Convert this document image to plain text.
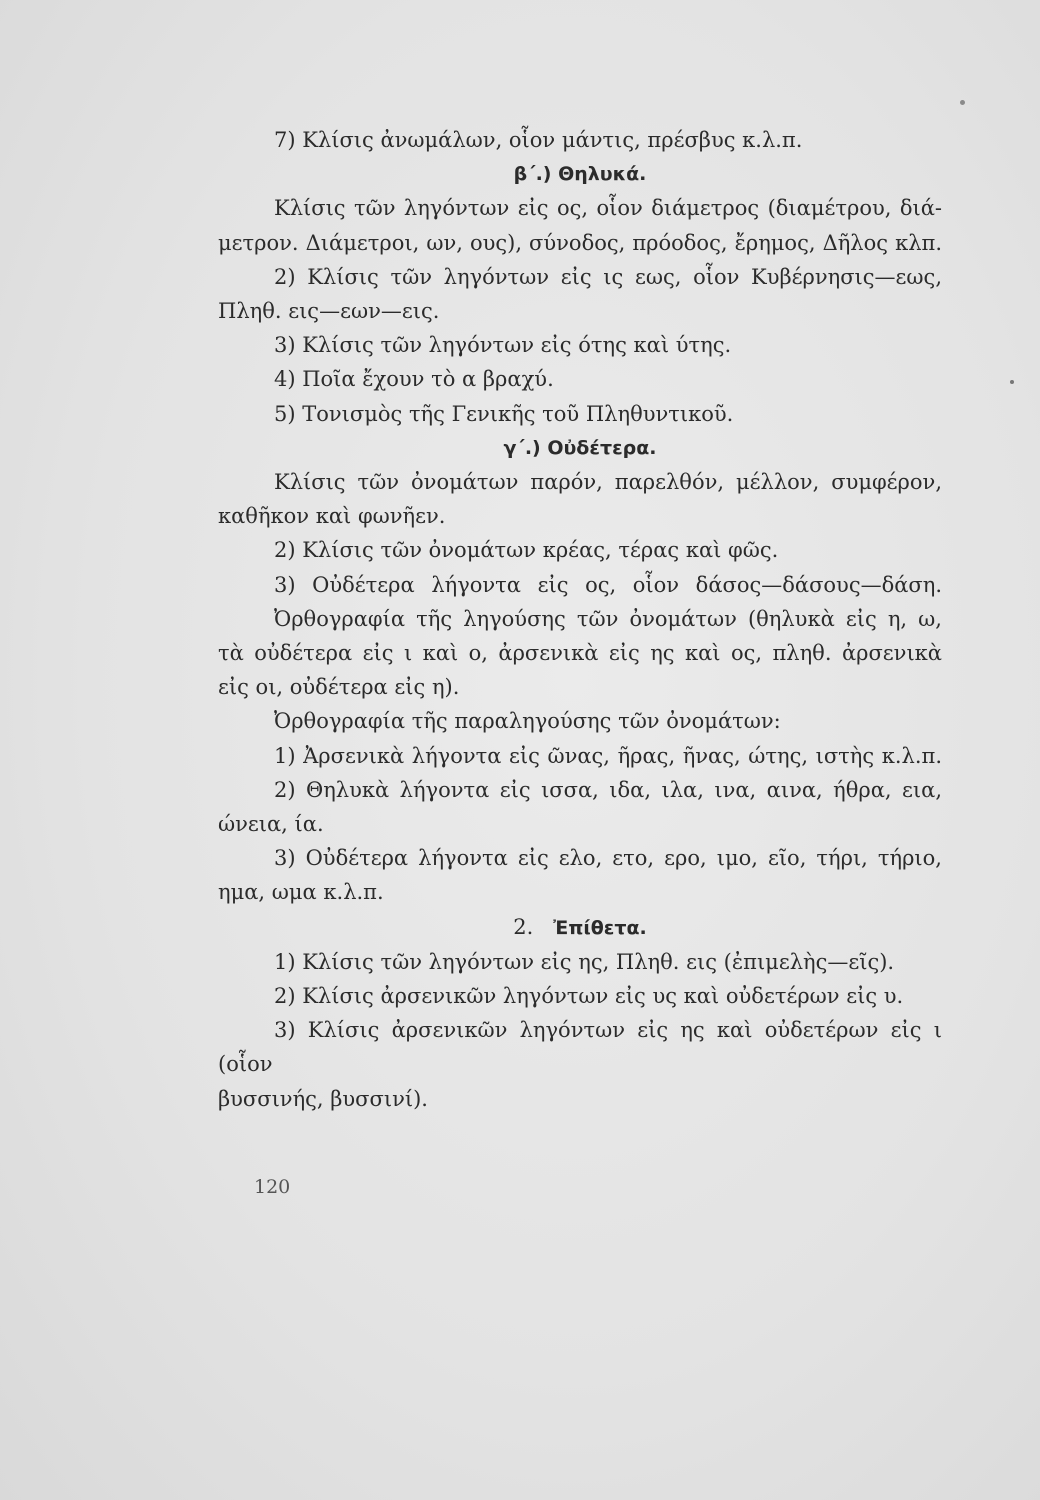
7) Κλίσις ἀνωμάλων, οἷον μάντις, πρέσβυς κ.λ.π.

β΄.) Θηλυκά.

Κλίσις τῶν ληγόντων εἰς ος, οἷον διάμετρος (διαμέτρου, διά-

μετρον. Διάμετροι, ων, ους), σύνοδος, πρόοδος, ἔρημος, Δῆλος κλπ.

2) Κλίσις τῶν ληγόντων εἰς ις εως, οἷον Κυβέρνησις—εως,

Πληθ. εις—εων—εις.

3) Κλίσις τῶν ληγόντων εἰς ότης καὶ ύτης.

4) Ποῖα ἔχουν τὸ α βραχύ.

5) Τονισμὸς τῆς Γενικῆς τοῦ Πληθυντικοῦ.

γ΄.) Οὐδέτερα.

Κλίσις τῶν ὀνομάτων παρόν, παρελθόν, μέλλον, συμφέρον,

καθῆκον καὶ φωνῆεν.

2) Κλίσις τῶν ὀνομάτων κρέας, τέρας καὶ φῶς.

3) Οὐδέτερα λήγοντα εἰς ος, οἷον δάσος—δάσους—δάση.

Ὀρθογραφία τῆς ληγούσης τῶν ὀνομάτων (θηλυκὰ εἰς η, ω,

τὰ οὐδέτερα εἰς ι καὶ ο, ἀρσενικὰ εἰς ης καὶ ος, πληθ. ἀρσενικὰ

εἰς οι, οὐδέτερα εἰς η).

Ὀρθογραφία τῆς παραληγούσης τῶν ὀνομάτων:

1) Ἀρσενικὰ λήγοντα εἰς ῶνας, ῆρας, ῆνας, ώτης, ιστὴς κ.λ.π.

2) Θηλυκὰ λήγοντα εἰς ισσα, ιδα, ιλα, ινα, αινα, ήθρα, εια,

ώνεια, ία.

3) Οὐδέτερα λήγοντα εἰς ελο, ετο, ερο, ιμο, εῖο, τήρι, τήριο,

ημα, ωμα κ.λ.π.

2. Ἐπίθετα.

1) Κλίσις τῶν ληγόντων εἰς ης, Πληθ. εις (ἐπιμελὴς—εῖς).

2) Κλίσις ἀρσενικῶν ληγόντων εἰς υς καὶ οὐδετέρων εἰς υ.

3) Κλίσις ἀρσενικῶν ληγόντων εἰς ης καὶ οὐδετέρων εἰς ι (οἷον

βυσσινής, βυσσινί).

120
